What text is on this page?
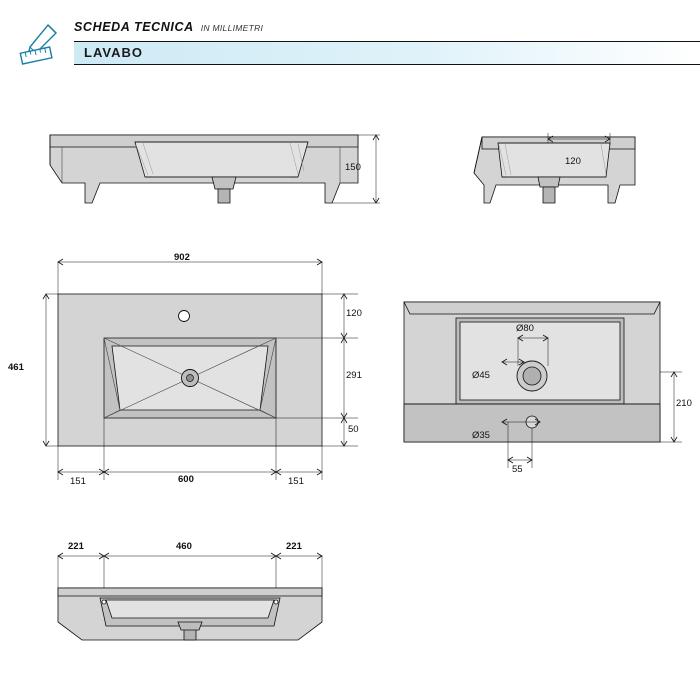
SCHEDA TECNICA IN MILLIMETRI
LAVABO
150
120
902
461
120
291
50
151	600	151
Ø80
Ø45
Ø35
210
55
221	460	221
